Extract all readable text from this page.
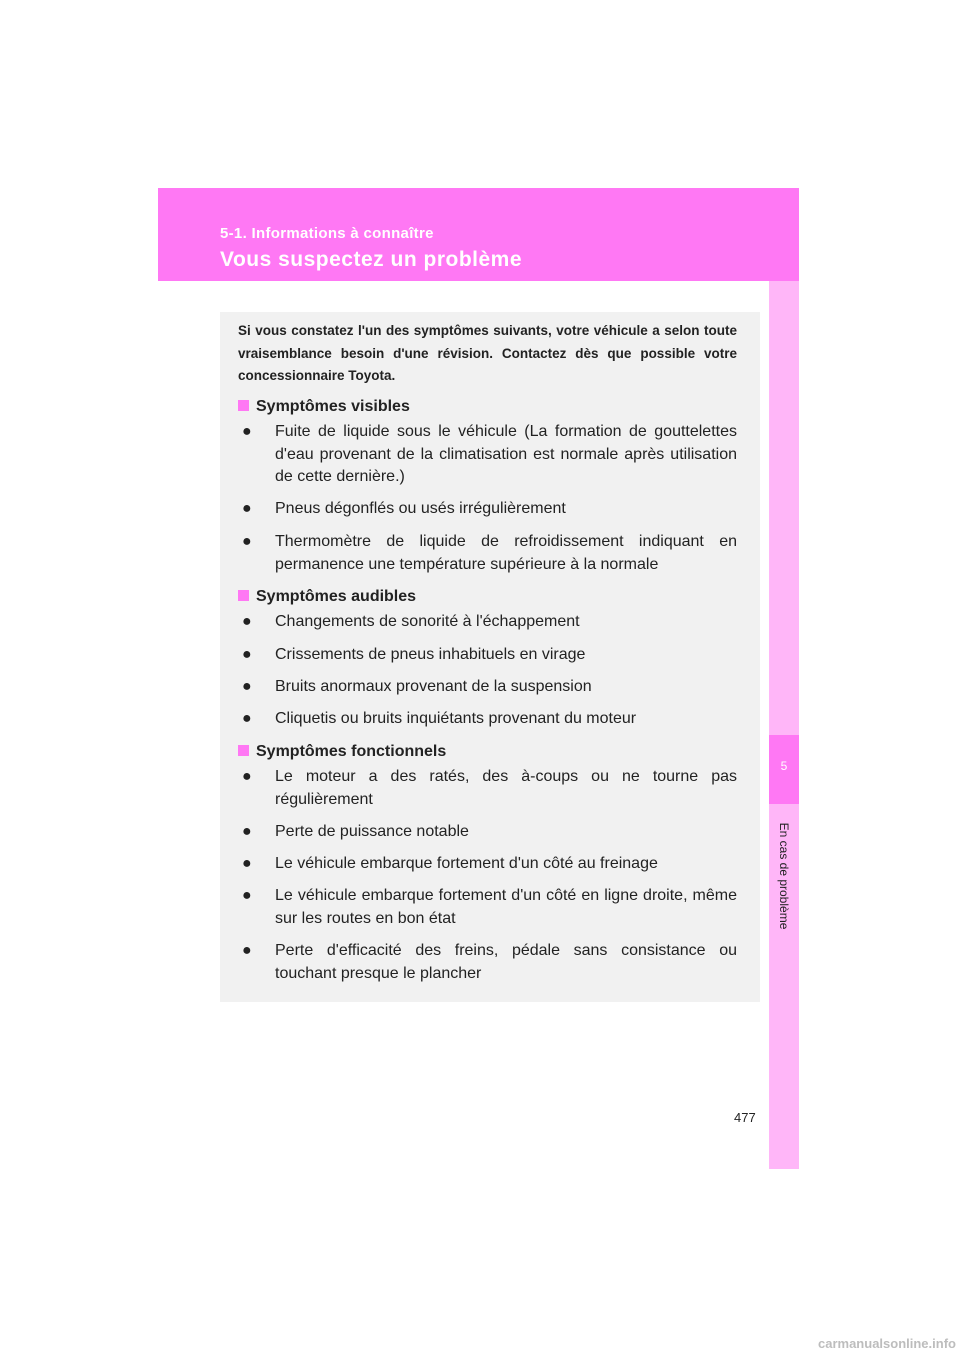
5-1. Informations à connaître
Vous suspectez un problème
5
En cas de problème
Si vous constatez l'un des symptômes suivants, votre véhicule a selon toute vraisemblance besoin d'une révision. Contactez dès que possible votre concessionnaire Toyota.
Symptômes visibles
● Fuite de liquide sous le véhicule (La formation de gouttelettes d'eau provenant de la climatisation est normale après utilisation de cette dernière.)
● Pneus dégonflés ou usés irrégulièrement
● Thermomètre de liquide de refroidissement indiquant en permanence une température supérieure à la normale
Symptômes audibles
● Changements de sonorité à l'échappement
● Crissements de pneus inhabituels en virage
● Bruits anormaux provenant de la suspension
● Cliquetis ou bruits inquiétants provenant du moteur
Symptômes fonctionnels
● Le moteur a des ratés, des à-coups ou ne tourne pas régulièrement
● Perte de puissance notable
● Le véhicule embarque fortement d'un côté au freinage
● Le véhicule embarque fortement d'un côté en ligne droite, même sur les routes en bon état
● Perte d'efficacité des freins, pédale sans consistance ou touchant presque le plancher
477
carmanualsonline.info
